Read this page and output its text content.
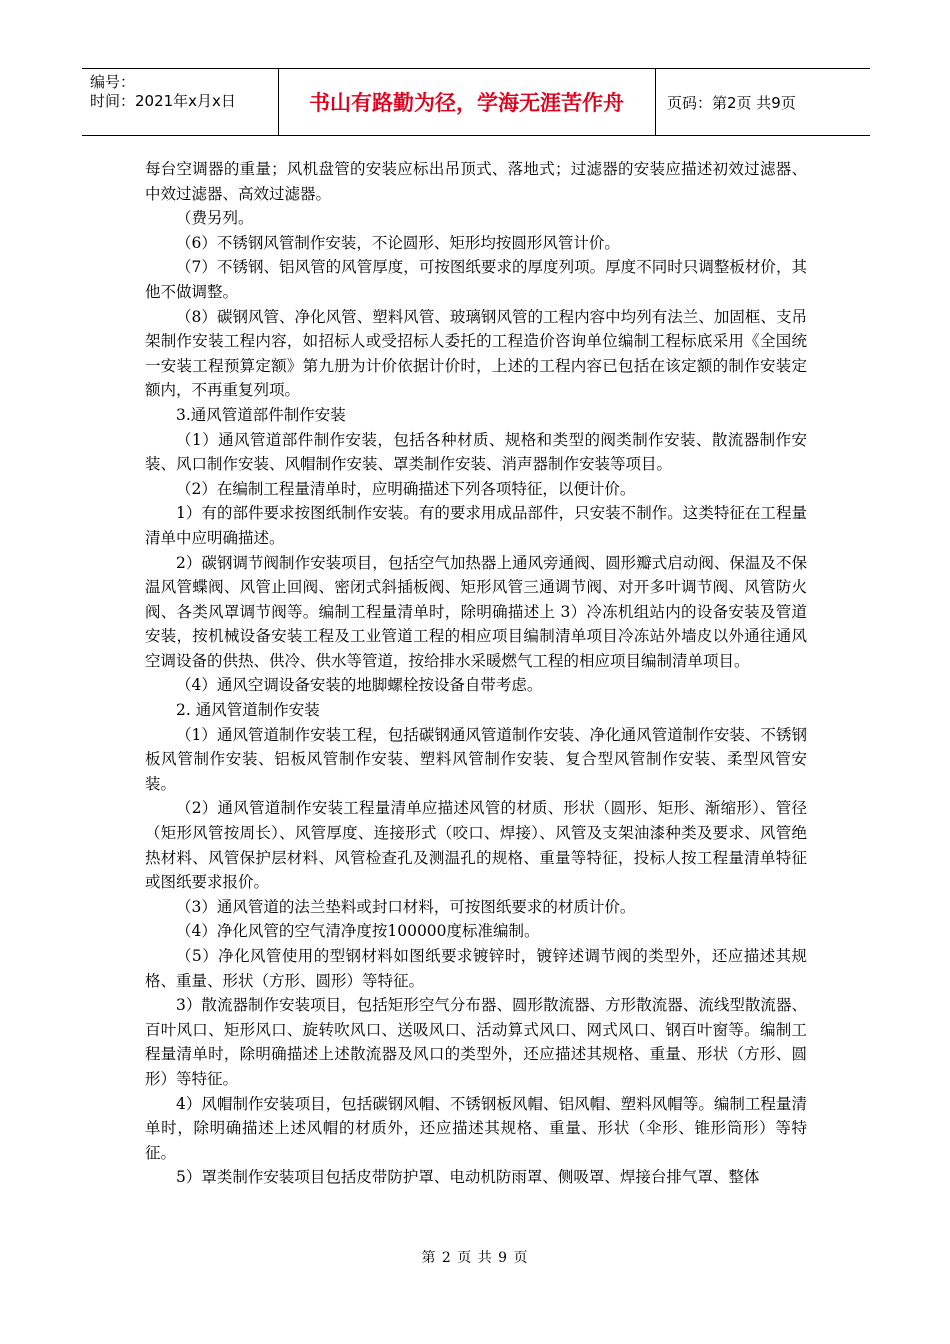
编号：
时间：2021年x月x日	书山有路勤为径，学海无涯苦作舟	页码：第2页 共9页

每台空调器的重量；风机盘管的安装应标出吊顶式、落地式；过滤器的安装应描述初效过滤器、中效过滤器、高效过滤器。

（费另列。

（6）不锈钢风管制作安装，不论圆形、矩形均按圆形风管计价。

（7）不锈钢、铝风管的风管厚度，可按图纸要求的厚度列项。厚度不同时只调整板材价，其他不做调整。

（8）碳钢风管、净化风管、塑料风管、玻璃钢风管的工程内容中均列有法兰、加固框、支吊架制作安装工程内容，如招标人或受招标人委托的工程造价咨询单位编制工程标底采用《全国统一安装工程预算定额》第九册为计价依据计价时，上述的工程内容已包括在该定额的制作安装定额内，不再重复列项。

3.通风管道部件制作安装

（1）通风管道部件制作安装，包括各种材质、规格和类型的阀类制作安装、散流器制作安装、风口制作安装、风帽制作安装、罩类制作安装、消声器制作安装等项目。

（2）在编制工程量清单时，应明确描述下列各项特征，以便计价。

1）有的部件要求按图纸制作安装。有的要求用成品部件，只安装不制作。这类特征在工程量清单中应明确描述。

2）碳钢调节阀制作安装项目，包括空气加热器上通风旁通阀、圆形瓣式启动阀、保温及不保温风管蝶阀、风管止回阀、密闭式斜插板阀、矩形风管三通调节阀、对开多叶调节阀、风管防火阀、各类风罩调节阀等。编制工程量清单时，除明确描述上 3）冷冻机组站内的设备安装及管道安装，按机械设备安装工程及工业管道工程的相应项目编制清单项目冷冻站外墙皮以外通往通风空调设备的供热、供冷、供水等管道，按给排水采暖燃气工程的相应项目编制清单项目。

（4）通风空调设备安装的地脚螺栓按设备自带考虑。

2. 通风管道制作安装

（1）通风管道制作安装工程，包括碳钢通风管道制作安装、净化通风管道制作安装、不锈钢板风管制作安装、铝板风管制作安装、塑料风管制作安装、复合型风管制作安装、柔型风管安装。

（2）通风管道制作安装工程量清单应描述风管的材质、形状（圆形、矩形、渐缩形）、管径（矩形风管按周长）、风管厚度、连接形式（咬口、焊接）、风管及支架油漆种类及要求、风管绝热材料、风管保护层材料、风管检查孔及测温孔的规格、重量等特征，投标人按工程量清单特征或图纸要求报价。

（3）通风管道的法兰垫料或封口材料，可按图纸要求的材质计价。

（4）净化风管的空气清净度按100000度标准编制。

（5）净化风管使用的型钢材料如图纸要求镀锌时，镀锌述调节阀的类型外，还应描述其规格、重量、形状（方形、圆形）等特征。

3）散流器制作安装项目，包括矩形空气分布器、圆形散流器、方形散流器、流线型散流器、百叶风口、矩形风口、旋转吹风口、送吸风口、活动算式风口、网式风口、钢百叶窗等。编制工程量清单时，除明确描述上述散流器及风口的类型外，还应描述其规格、重量、形状（方形、圆形）等特征。

4）风帽制作安装项目，包括碳钢风帽、不锈钢板风帽、铝风帽、塑料风帽等。编制工程量清单时，除明确描述上述风帽的材质外，还应描述其规格、重量、形状（伞形、锥形筒形）等特征。

5）罩类制作安装项目包括皮带防护罩、电动机防雨罩、侧吸罩、焊接台排气罩、整体

第 2 页 共 9 页
